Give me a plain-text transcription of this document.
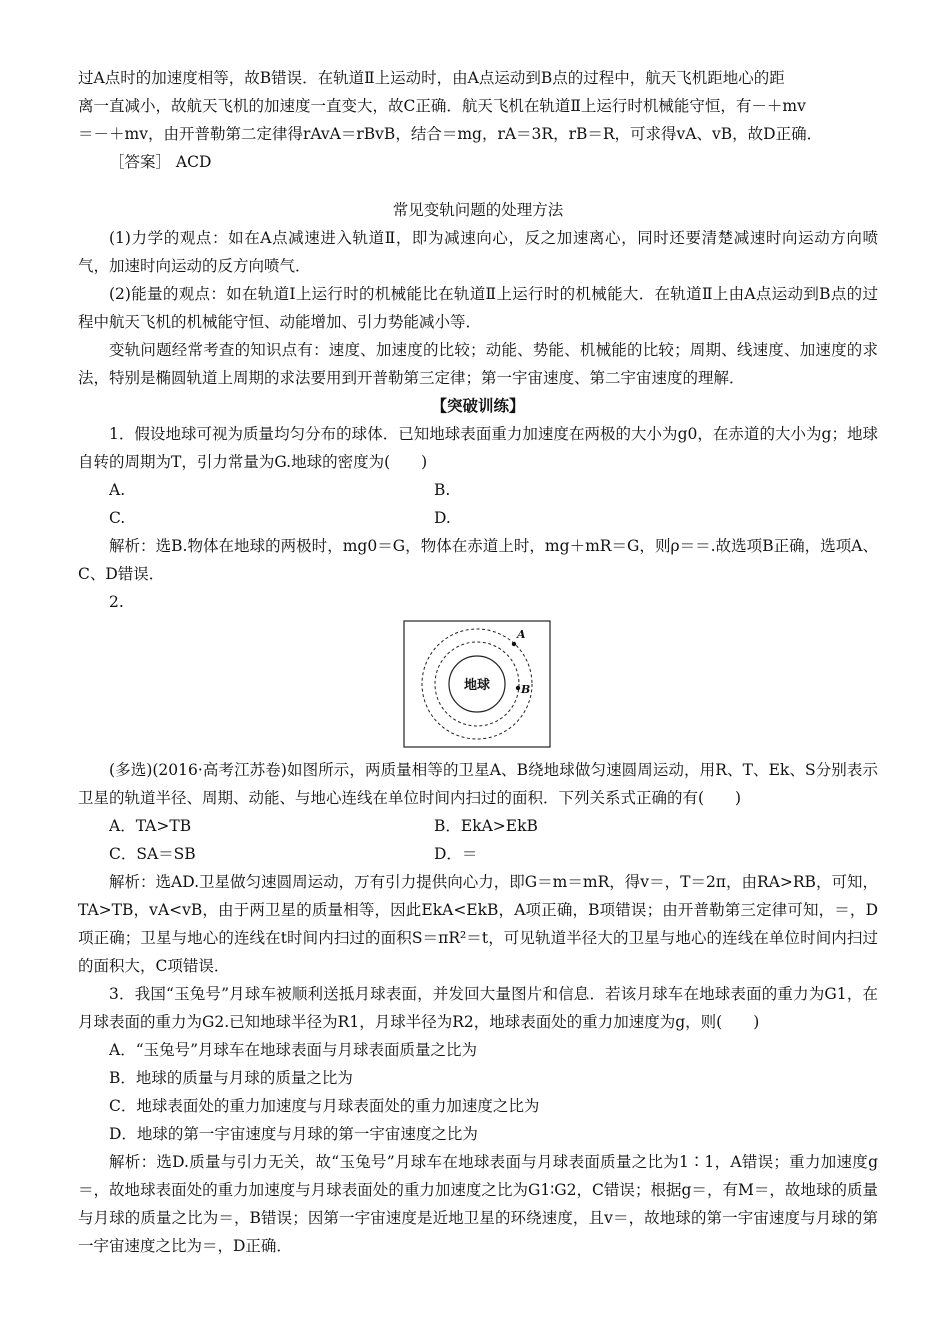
过A点时的加速度相等，故B错误．在轨道Ⅱ上运动时，由A点运动到B点的过程中，航天飞机距地心的距

离一直减小，故航天飞机的加速度一直变大，故C正确．航天飞机在轨道Ⅱ上运行时机械能守恒，有－＋mv

＝－＋mv，由开普勒第二定律得rAvA＝rBvB，结合＝mg，rA＝3R，rB＝R，可求得vA、vB，故D正确．

［答案］ ACD

常见变轨问题的处理方法

(1)力学的观点：如在A点减速进入轨道Ⅱ，即为减速向心，反之加速离心，同时还要清楚减速时向运动方向喷气，加速时向运动的反方向喷气．

(2)能量的观点：如在轨道Ⅰ上运行时的机械能比在轨道Ⅱ上运行时的机械能大．在轨道Ⅱ上由A点运动到B点的过程中航天飞机的机械能守恒、动能增加、引力势能减小等．

变轨问题经常考查的知识点有：速度、加速度的比较；动能、势能、机械能的比较；周期、线速度、加速度的求法，特别是椭圆轨道上周期的求法要用到开普勒第三定律；第一宇宙速度、第二宇宙速度的理解．

【突破训练】

1．假设地球可视为质量均匀分布的球体．已知地球表面重力加速度在两极的大小为g0，在赤道的大小为g；地球自转的周期为T，引力常量为G.地球的密度为(　　)

A.	B.
C.	D.

解析：选B.物体在地球的两极时，mg0＝G，物体在赤道上时，mg＋mR＝G，则ρ＝＝.故选项B正确，选项A、C、D错误．

2.

地球
A
B

(多选)(2016·高考江苏卷)如图所示，两质量相等的卫星A、B绕地球做匀速圆周运动，用R、T、Ek、S分别表示卫星的轨道半径、周期、动能、与地心连线在单位时间内扫过的面积．下列关系式正确的有(　　)

A．TA>TB	B．EkA>EkB
C．SA＝SB	D．＝

解析：选AD.卫星做匀速圆周运动，万有引力提供向心力，即G＝m＝mR，得v＝，T＝2π，由RA>RB，可知，TA>TB，vA<vB，由于两卫星的质量相等，因此EkA<EkB，A项正确，B项错误；由开普勒第三定律可知，＝，D项正确；卫星与地心的连线在t时间内扫过的面积S＝πR²＝t，可见轨道半径大的卫星与地心的连线在单位时间内扫过的面积大，C项错误．

3．我国“玉兔号”月球车被顺利送抵月球表面，并发回大量图片和信息．若该月球车在地球表面的重力为G1，在月球表面的重力为G2.已知地球半径为R1，月球半径为R2，地球表面处的重力加速度为g，则(　　)

A．“玉兔号”月球车在地球表面与月球表面质量之比为
B．地球的质量与月球的质量之比为
C．地球表面处的重力加速度与月球表面处的重力加速度之比为
D．地球的第一宇宙速度与月球的第一宇宙速度之比为

解析：选D.质量与引力无关，故“玉兔号”月球车在地球表面与月球表面质量之比为1∶1，A错误；重力加速度g＝，故地球表面处的重力加速度与月球表面处的重力加速度之比为G1∶G2，C错误；根据g＝，有M＝，故地球的质量与月球的质量之比为＝，B错误；因第一宇宙速度是近地卫星的环绕速度，且v＝，故地球的第一宇宙速度与月球的第一宇宙速度之比为＝，D正确．
